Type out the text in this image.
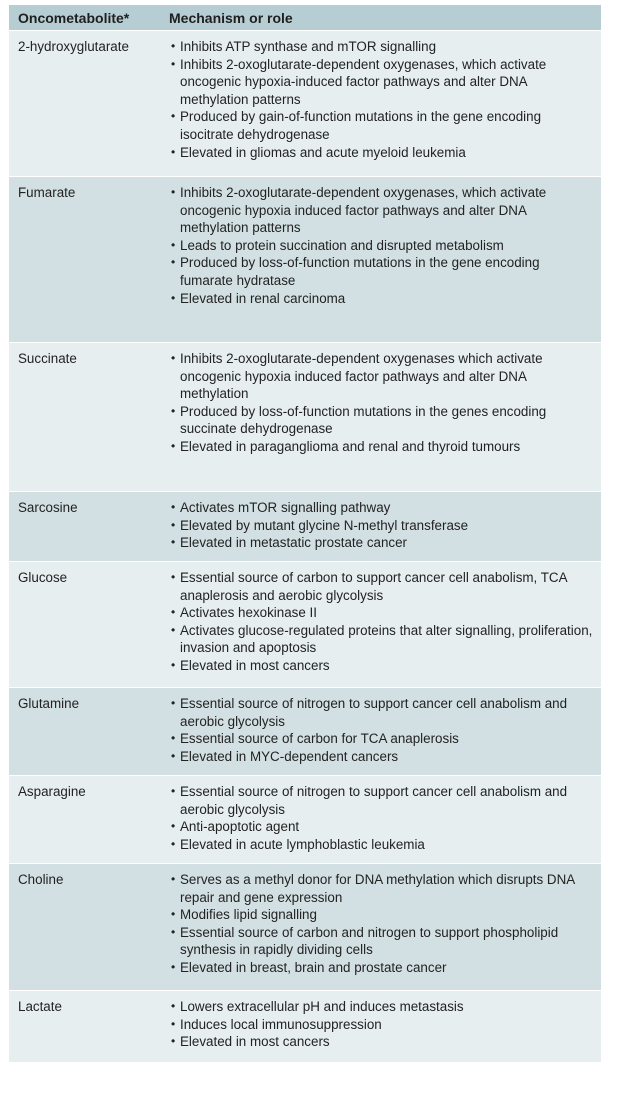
Oncometabolite*	Mechanism or role
2-hydroxyglutarate	• Inhibits ATP synthase and mTOR signalling
• Inhibits 2-oxoglutarate-dependent oxygenases, which activate oncogenic hypoxia-induced factor pathways and alter DNA methylation patterns
• Produced by gain-of-function mutations in the gene encoding isocitrate dehydrogenase
• Elevated in gliomas and acute myeloid leukemia
Fumarate	• Inhibits 2-oxoglutarate-dependent oxygenases, which activate oncogenic hypoxia induced factor pathways and alter DNA methylation patterns
• Leads to protein succination and disrupted metabolism
• Produced by loss-of-function mutations in the gene encoding fumarate hydratase
• Elevated in renal carcinoma
Succinate	• Inhibits 2-oxoglutarate-dependent oxygenases which activate oncogenic hypoxia induced factor pathways and alter DNA methylation
• Produced by loss-of-function mutations in the genes encoding succinate dehydrogenase
• Elevated in paraganglioma and renal and thyroid tumours
Sarcosine	• Activates mTOR signalling pathway
• Elevated by mutant glycine N-methyl transferase
• Elevated in metastatic prostate cancer
Glucose	• Essential source of carbon to support cancer cell anabolism, TCA anaplerosis and aerobic glycolysis
• Activates hexokinase II
• Activates glucose-regulated proteins that alter signalling, proliferation, invasion and apoptosis
• Elevated in most cancers
Glutamine	• Essential source of nitrogen to support cancer cell anabolism and aerobic glycolysis
• Essential source of carbon for TCA anaplerosis
• Elevated in MYC-dependent cancers
Asparagine	• Essential source of nitrogen to support cancer cell anabolism and aerobic glycolysis
• Anti-apoptotic agent
• Elevated in acute lymphoblastic leukemia
Choline	• Serves as a methyl donor for DNA methylation which disrupts DNA repair and gene expression
• Modifies lipid signalling
• Essential source of carbon and nitrogen to support phospholipid synthesis in rapidly dividing cells
• Elevated in breast, brain and prostate cancer
Lactate	• Lowers extracellular pH and induces metastasis
• Induces local immunosuppression
• Elevated in most cancers
